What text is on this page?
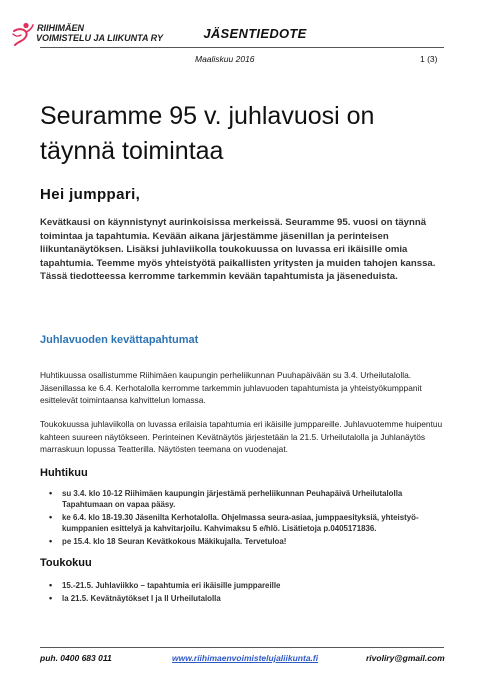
RIIHIMÄEN
VOIMISTELU JA LIIKUNTA RY	JÄSENTIEDOTE
Maaliskuu 2016	1 (3)
Seuramme 95 v. juhlavuosi on täynnä toimintaa
Hei jumppari,

Kevätkausi on käynnistynyt aurinkoisissa merkeissä. Seuramme 95. vuosi on täynnä toimintaa ja tapahtumia. Kevään aikana järjestämme jäsenillan ja perinteisen liikuntanäytöksen. Lisäksi juhlaviikolla toukokuussa on luvassa eri ikäisille omia tapahtumia. Teemme myös yhteistyötä paikallisten yritysten ja muiden tahojen kanssa. Tässä tiedotteessa kerromme tarkemmin kevään tapahtumista ja jäseneduista.

Juhlavuoden kevättapahtumat

Huhtikuussa osallistumme Riihimäen kaupungin perheliikunnan Puuhapäivään su 3.4. Urheilutalolla. Jäsenillassa ke 6.4. Kerhotalolla kerromme tarkemmin juhlavuoden tapahtumista ja yhteistyökumppanit esittelevät toimintaansa kahvittelun lomassa.

Toukokuussa juhlaviikolla on luvassa erilaisia tapahtumia eri ikäisille jumppareille. Juhlavuotemme huipentuu kahteen suureen näytökseen. Perinteinen Kevätnäytös järjestetään la 21.5. Urheilutalolla ja Juhlanäytös marraskuun lopussa Teatterilla. Näytösten teemana on vuodenajat.

Huhtikuu
• su 3.4. klo 10-12 Riihimäen kaupungin järjestämä perheliikunnan Peuhapäivä Urheilutalolla Tapahtumaan on vapaa pääsy.
• ke 6.4. klo 18-19.30 Jäsenilta Kerhotalolla. Ohjelmassa seura-asiaa, jumppaesityksiä, yhteistyö-kumppanien esittelyä ja kahvitarjoilu. Kahvimaksu 5 e/hlö. Lisätietoja p.0405171836.
• pe 15.4. klo 18 Seuran Kevätkokous Mäkikujalla. Tervetuloa!
Toukokuu
• 15.-21.5. Juhlaviikko – tapahtumia eri ikäisille jumppareille
• la 21.5. Kevätnäytökset I ja II Urheilutalolla
puh. 0400 683 011	www.riihimaenvoimistelujaliikunta.fi	rivoliry@gmail.com
